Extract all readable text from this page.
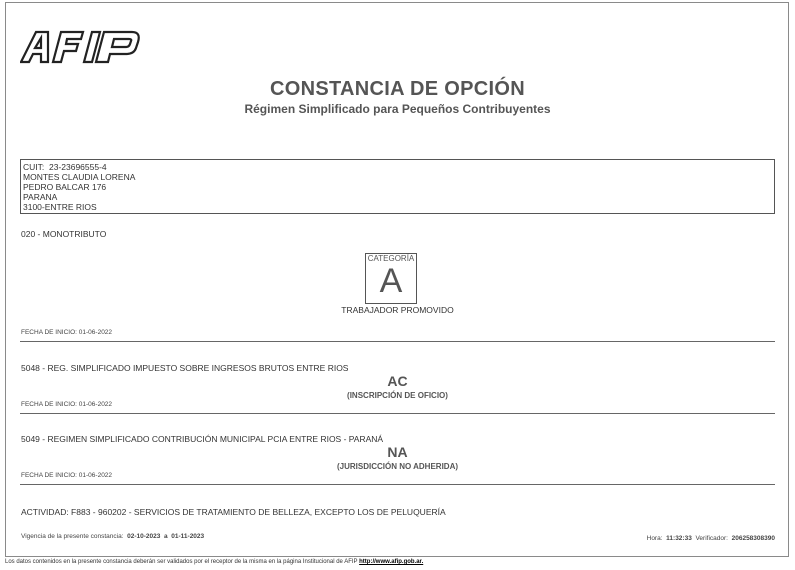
CONSTANCIA DE OPCIÓN
Régimen Simplificado para Pequeños Contribuyentes
CUIT: 23-23696555-4
MONTES CLAUDIA LORENA
PEDRO BALCAR 176
PARANA
3100-ENTRE RIOS
020 - MONOTRIBUTO
CATEGORÍA
A
TRABAJADOR PROMOVIDO
FECHA DE INICIO: 01-06-2022
5048 - REG. SIMPLIFICADO IMPUESTO SOBRE INGRESOS BRUTOS ENTRE RIOS
AC
(INSCRIPCIÓN DE OFICIO)
FECHA DE INICIO: 01-06-2022
5049 - REGIMEN SIMPLIFICADO CONTRIBUCIÓN MUNICIPAL PCIA ENTRE RIOS - PARANÁ
NA
(JURISDICCIÓN NO ADHERIDA)
FECHA DE INICIO: 01-06-2022
ACTIVIDAD: F883 - 960202 - SERVICIOS DE TRATAMIENTO DE BELLEZA, EXCEPTO LOS DE PELUQUERÍA
Vigencia de la presente constancia: 02-10-2023 a 01-11-2023	Hora: 11:32:33 Verificador: 206258308390
Los datos contenidos en la presente constancia deberán ser validados por el receptor de la misma en la página Institucional de AFIP http://www.afip.gob.ar.
